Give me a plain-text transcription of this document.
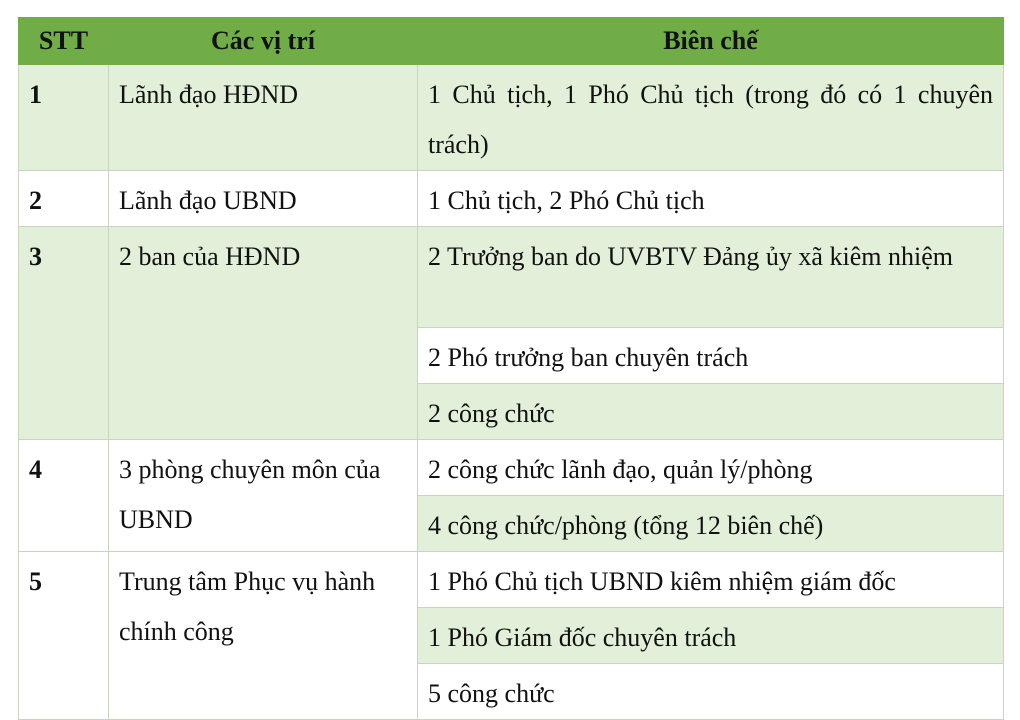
STT	Các vị trí	Biên chế
1	Lãnh đạo HĐND	1 Chủ tịch, 1 Phó Chủ tịch (trong đó có 1 chuyên trách)
2	Lãnh đạo UBND	1 Chủ tịch, 2 Phó Chủ tịch
3	2 ban của HĐND	2 Trưởng ban do UVBTV Đảng ủy xã kiêm nhiệm
		2 Phó trưởng ban chuyên trách
		2 công chức
4	3 phòng chuyên môn của UBND	2 công chức lãnh đạo, quản lý/phòng
		4 công chức/phòng (tổng 12 biên chế)
5	Trung tâm Phục vụ hành chính công	1 Phó Chủ tịch UBND kiêm nhiệm giám đốc
		1 Phó Giám đốc chuyên trách
		5 công chức
